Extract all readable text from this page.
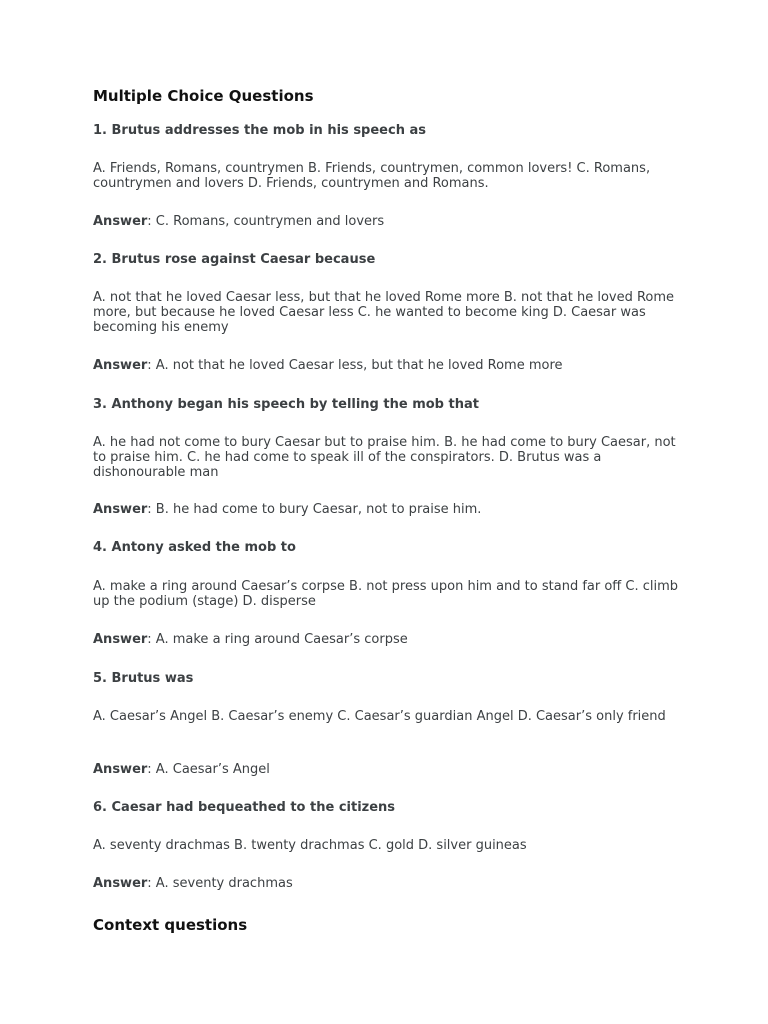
Multiple Choice Questions
1. Brutus addresses the mob in his speech as
A. Friends, Romans, countrymen B. Friends, countrymen, common lovers! C. Romans, countrymen and lovers D. Friends, countrymen and Romans.
Answer: C. Romans, countrymen and lovers
2. Brutus rose against Caesar because
A. not that he loved Caesar less, but that he loved Rome more B. not that he loved Rome more, but because he loved Caesar less C. he wanted to become king D. Caesar was becoming his enemy
Answer: A. not that he loved Caesar less, but that he loved Rome more
3. Anthony began his speech by telling the mob that
A. he had not come to bury Caesar but to praise him. B. he had come to bury Caesar, not to praise him. C. he had come to speak ill of the conspirators. D. Brutus was a dishonourable man
Answer: B. he had come to bury Caesar, not to praise him.
4. Antony asked the mob to
A. make a ring around Caesar’s corpse B. not press upon him and to stand far off C. climb up the podium (stage) D. disperse
Answer: A. make a ring around Caesar’s corpse
5. Brutus was
A. Caesar’s Angel B. Caesar’s enemy C. Caesar’s guardian Angel D. Caesar’s only friend
Answer: A. Caesar’s Angel
6. Caesar had bequeathed to the citizens
A. seventy drachmas B. twenty drachmas C. gold D. silver guineas
Answer: A. seventy drachmas
Context questions
